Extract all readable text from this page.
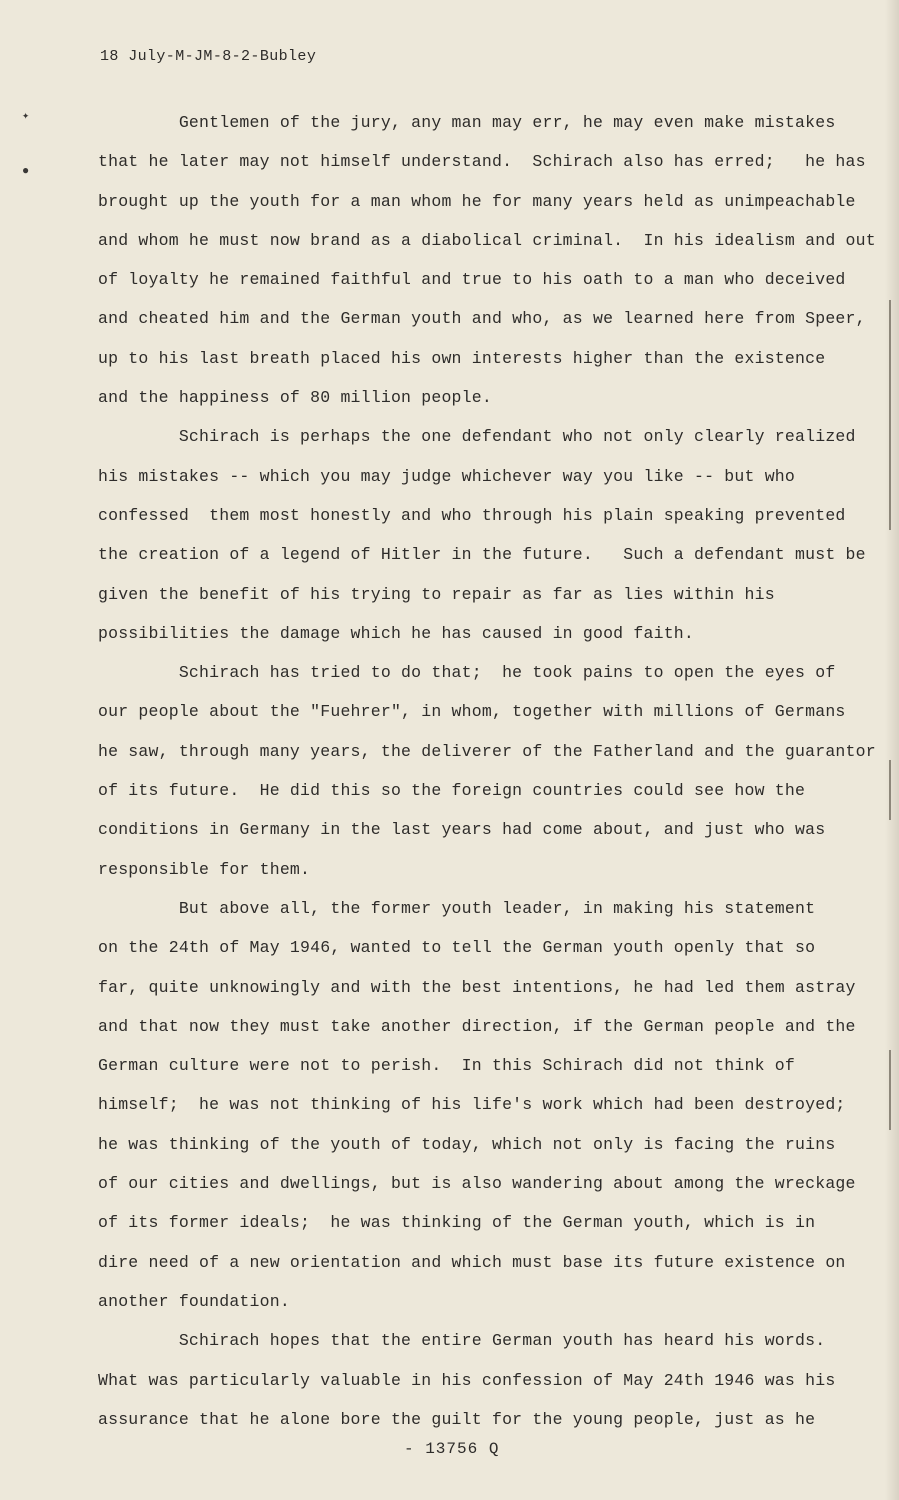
✦
●
18 July-M-JM-8-2-Bubley

Gentlemen of the jury, any man may err, he may even make mistakes

that he later may not himself understand.  Schirach also has erred;   he has

brought up the youth for a man whom he for many years held as unimpeachable

and whom he must now brand as a diabolical criminal.  In his idealism and out

of loyalty he remained faithful and true to his oath to a man who deceived

and cheated him and the German youth and who, as we learned here from Speer,

up to his last breath placed his own interests higher than the existence

and the happiness of 80 million people.

Schirach is perhaps the one defendant who not only clearly realized

his mistakes -- which you may judge whichever way you like -- but who

confessed  them most honestly and who through his plain speaking prevented

the creation of a legend of Hitler in the future.   Such a defendant must be

given the benefit of his trying to repair as far as lies within his

possibilities the damage which he has caused in good faith.

Schirach has tried to do that;  he took pains to open the eyes of

our people about the "Fuehrer", in whom, together with millions of Germans

he saw, through many years, the deliverer of the Fatherland and the guarantor

of its future.  He did this so the foreign countries could see how the

conditions in Germany in the last years had come about, and just who was

responsible for them.

But above all, the former youth leader, in making his statement

on the 24th of May 1946, wanted to tell the German youth openly that so

far, quite unknowingly and with the best intentions, he had led them astray

and that now they must take another direction, if the German people and the

German culture were not to perish.  In this Schirach did not think of

himself;  he was not thinking of his life's work which had been destroyed;

he was thinking of the youth of today, which not only is facing the ruins

of our cities and dwellings, but is also wandering about among the wreckage

of its former ideals;  he was thinking of the German youth, which is in

dire need of a new orientation and which must base its future existence on

another foundation.

Schirach hopes that the entire German youth has heard his words.

What was particularly valuable in his confession of May 24th 1946 was his

assurance that he alone bore the guilt for the young people, just as he

- 13756 Q
